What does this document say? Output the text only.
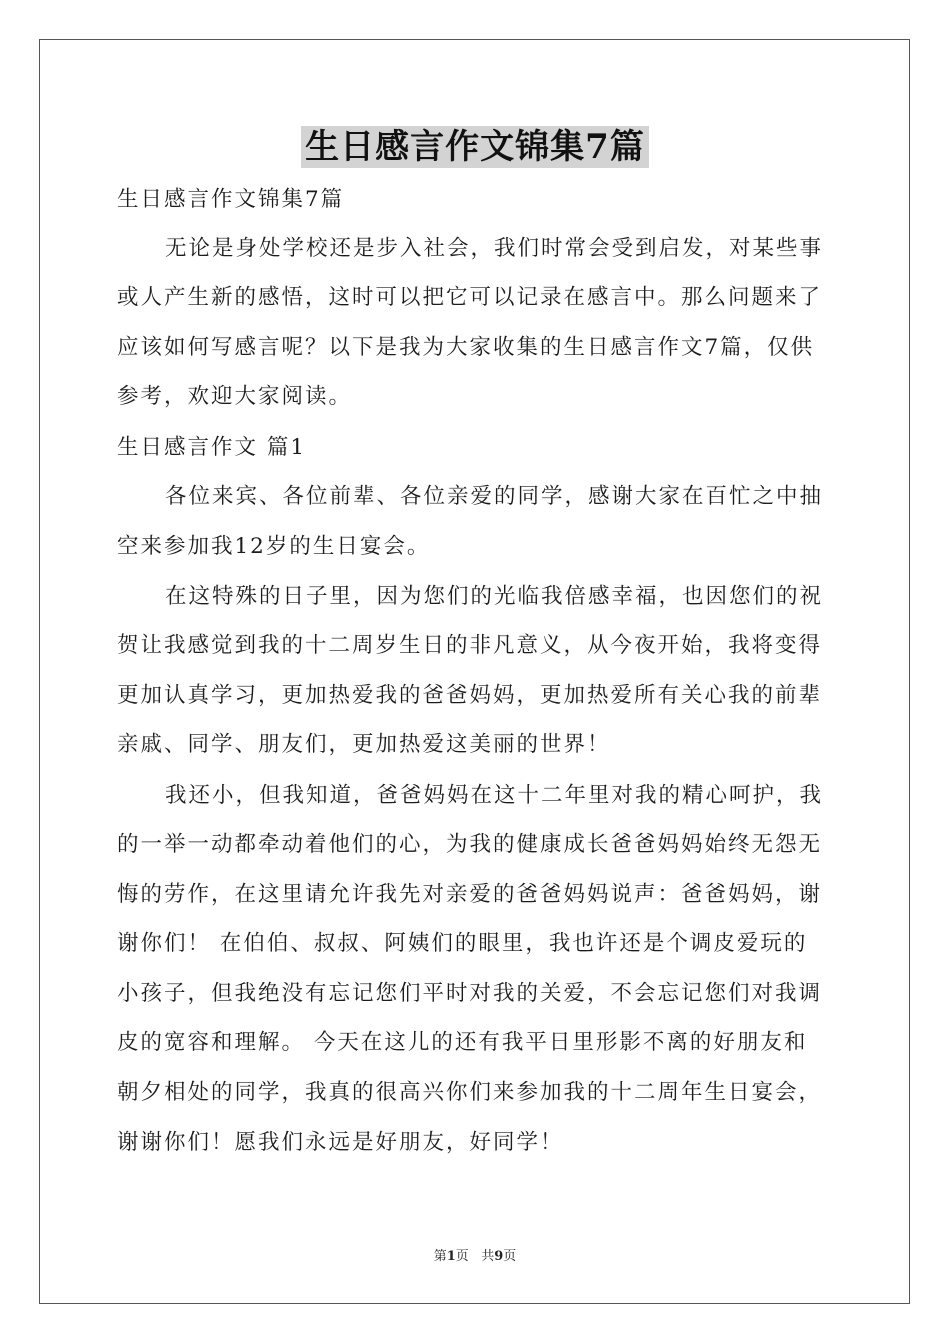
生日感言作文锦集7篇
生日感言作文锦集7篇
无论是身处学校还是步入社会，我们时常会受到启发，对某些事
或人产生新的感悟，这时可以把它可以记录在感言中。那么问题来了
应该如何写感言呢？以下是我为大家收集的生日感言作文7篇，仅供
参考，欢迎大家阅读。
生日感言作文 篇1
各位来宾、各位前辈、各位亲爱的同学，感谢大家在百忙之中抽
空来参加我12岁的生日宴会。
在这特殊的日子里，因为您们的光临我倍感幸福，也因您们的祝
贺让我感觉到我的十二周岁生日的非凡意义，从今夜开始，我将变得
更加认真学习，更加热爱我的爸爸妈妈，更加热爱所有关心我的前辈
亲戚、同学、朋友们，更加热爱这美丽的世界！
我还小，但我知道，爸爸妈妈在这十二年里对我的精心呵护，我
的一举一动都牵动着他们的心，为我的健康成长爸爸妈妈始终无怨无
悔的劳作，在这里请允许我先对亲爱的爸爸妈妈说声：爸爸妈妈，谢
谢你们！ 在伯伯、叔叔、阿姨们的眼里，我也许还是个调皮爱玩的
小孩子，但我绝没有忘记您们平时对我的关爱，不会忘记您们对我调
皮的宽容和理解。 今天在这儿的还有我平日里形影不离的好朋友和
朝夕相处的同学，我真的很高兴你们来参加我的十二周年生日宴会，
谢谢你们！愿我们永远是好朋友，好同学！
第1页 共9页
